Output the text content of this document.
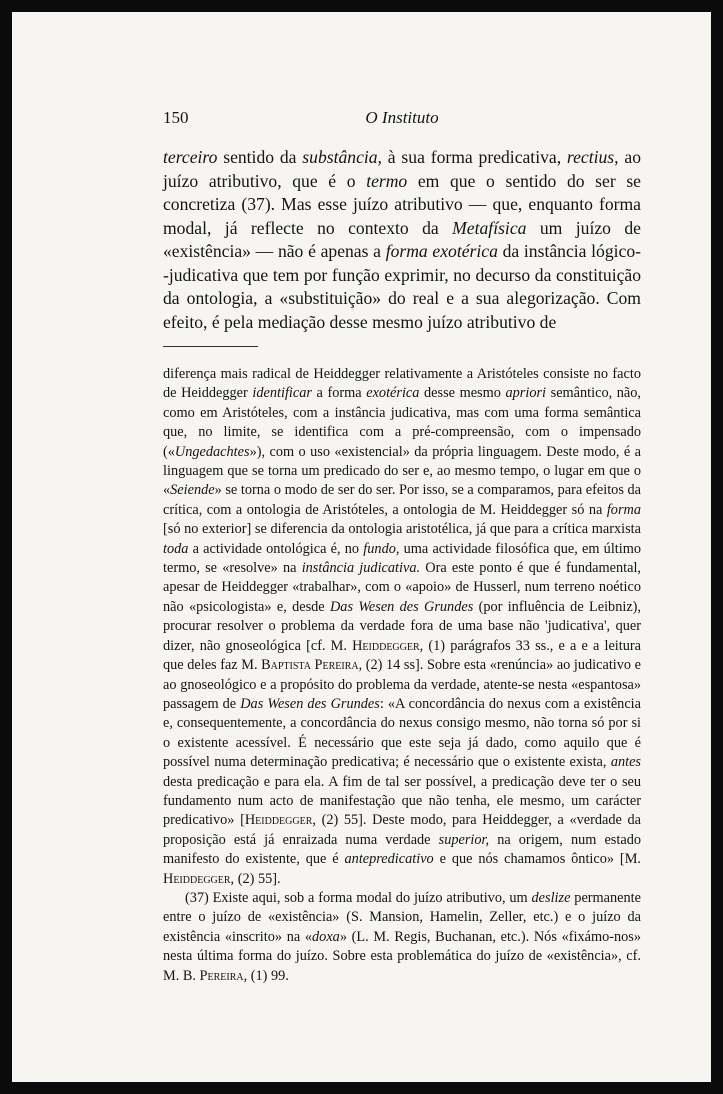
150	O Instituto

terceiro sentido da substância, à sua forma predicativa, rectius, ao juízo atributivo, que é o termo em que o sentido do ser se concretiza (37). Mas esse juízo atributivo — que, enquanto forma modal, já reflecte no contexto da Metafísica um juízo de «existência» — não é apenas a forma exotérica da instância lógico--judicativa que tem por função exprimir, no decurso da constituição da ontologia, a «substituição» do real e a sua alegorização. Com efeito, é pela mediação desse mesmo juízo atributivo de

diferença mais radical de Heiddegger relativamente a Aristóteles consiste no facto de Heiddegger identificar a forma exotérica desse mesmo apriori semântico, não, como em Aristóteles, com a instância judicativa, mas com uma forma semântica que, no limite, se identifica com a pré-compreensão, com o impensado («Ungedachtes»), com o uso «existencial» da própria linguagem. Deste modo, é a linguagem que se torna um predicado do ser e, ao mesmo tempo, o lugar em que o «Seiende» se torna o modo de ser do ser. Por isso, se a comparamos, para efeitos da crítica, com a ontologia de Aristóteles, a ontologia de M. Heiddegger só na forma [só no exterior] se diferencia da ontologia aristotélica, já que para a crítica marxista toda a actividade ontológica é, no fundo, uma actividade filosófica que, em último termo, se «resolve» na instância judicativa. Ora este ponto é que é fundamental, apesar de Heiddegger «trabalhar», com o «apoio» de Husserl, num terreno noético não «psicologista» e, desde Das Wesen des Grundes (por influência de Leibniz), procurar resolver o problema da verdade fora de uma base não 'judicativa', quer dizer, não gnoseológica [cf. M. Heiddegger, (1) parágrafos 33 ss., e a e a leitura que deles faz M. Baptista Pereira, (2) 14 ss]. Sobre esta «renúncia» ao judicativo e ao gnoseológico e a propósito do problema da verdade, atente-se nesta «espantosa» passagem de Das Wesen des Grundes: «A concordância do nexus com a existência e, consequentemente, a concordância do nexus consigo mesmo, não torna só por si o existente acessível. É necessário que este seja já dado, como aquilo que é possível numa determinação predicativa; é necessário que o existente exista, antes desta predicação e para ela. A fim de tal ser possível, a predicação deve ter o seu fundamento num acto de manifestação que não tenha, ele mesmo, um carácter predicativo» [Heiddegger, (2) 55]. Deste modo, para Heiddegger, a «verdade da proposição está já enraizada numa verdade superior, na origem, num estado manifesto do existente, que é antepredicativo e que nós chamamos ôntico» [M. Heiddegger, (2) 55].

(37) Existe aqui, sob a forma modal do juízo atributivo, um deslize permanente entre o juízo de «existência» (S. Mansion, Hamelin, Zeller, etc.) e o juízo da existência «inscrito» na «doxa» (L. M. Regis, Buchanan, etc.). Nós «fixámo-nos» nesta última forma do juízo. Sobre esta problemática do juízo de «existência», cf. M. B. Pereira, (1) 99.
